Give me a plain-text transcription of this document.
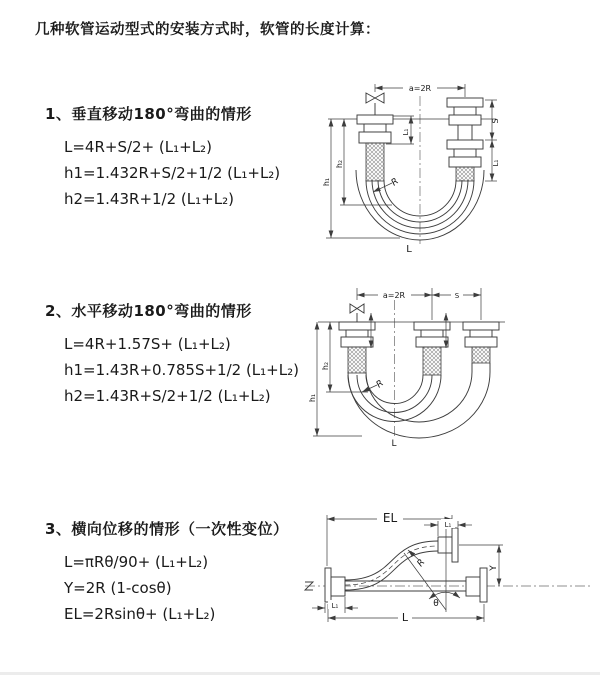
几种软管运动型式的安装方式时，软管的长度计算：
1、垂直移动180°弯曲的情形

L=4R+S/2+ (L₁+L₂)

h1=1.432R+S/2+1/2 (L₁+L₂)

h2=1.43R+1/2 (L₁+L₂)

2、水平移动180°弯曲的情形

L=4R+1.57S+ (L₁+L₂)

h1=1.43R+0.785S+1/2 (L₁+L₂)

h2=1.43R+S/2+1/2 (L₁+L₂)

3、横向位移的情形（一次性变位）

L=πRθ/90+ (L₁+L₂)

Y=2R (1-cosθ)

EL=2Rsinθ+ (L₁+L₂)

a=2R
S
L₁
L₁
h₁
h₂
R
L
a=2R	S
h₁
h₂
R
L
EL	L₁
Y
θ
R
L
L₁
